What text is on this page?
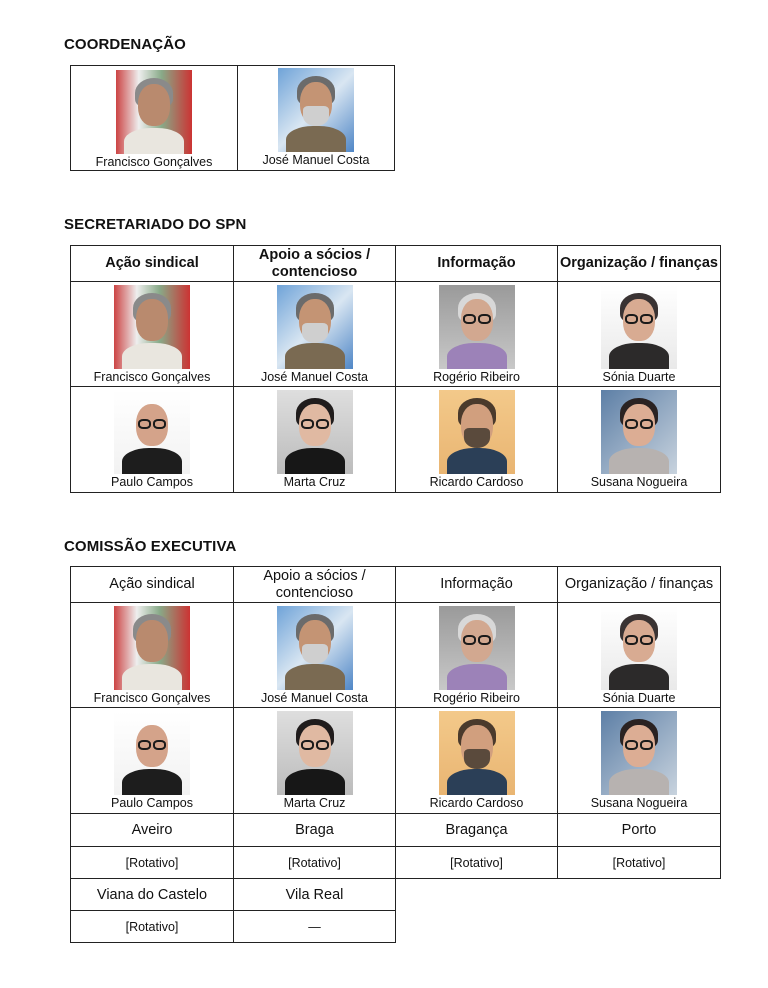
COORDENAÇÃO
Francisco Gonçalves	José Manuel Costa
SECRETARIADO DO SPN
Ação sindical	Apoio a sócios / contencioso	Informação	Organização / finanças

Francisco Gonçalves	José Manuel Costa	Rogério Ribeiro	Sónia Duarte

Paulo Campos	Marta Cruz	Ricardo Cardoso	Susana Nogueira
COMISSÃO EXECUTIVA
Ação sindical	Apoio a sócios / contencioso	Informação	Organização / finanças

Francisco Gonçalves	José Manuel Costa	Rogério Ribeiro	Sónia Duarte

Paulo Campos	Marta Cruz	Ricardo Cardoso	Susana Nogueira

Aveiro	Braga	Bragança	Porto
[Rotativo]	[Rotativo]	[Rotativo]	[Rotativo]
Viana do Castelo	Vila Real		
[Rotativo]	—		
